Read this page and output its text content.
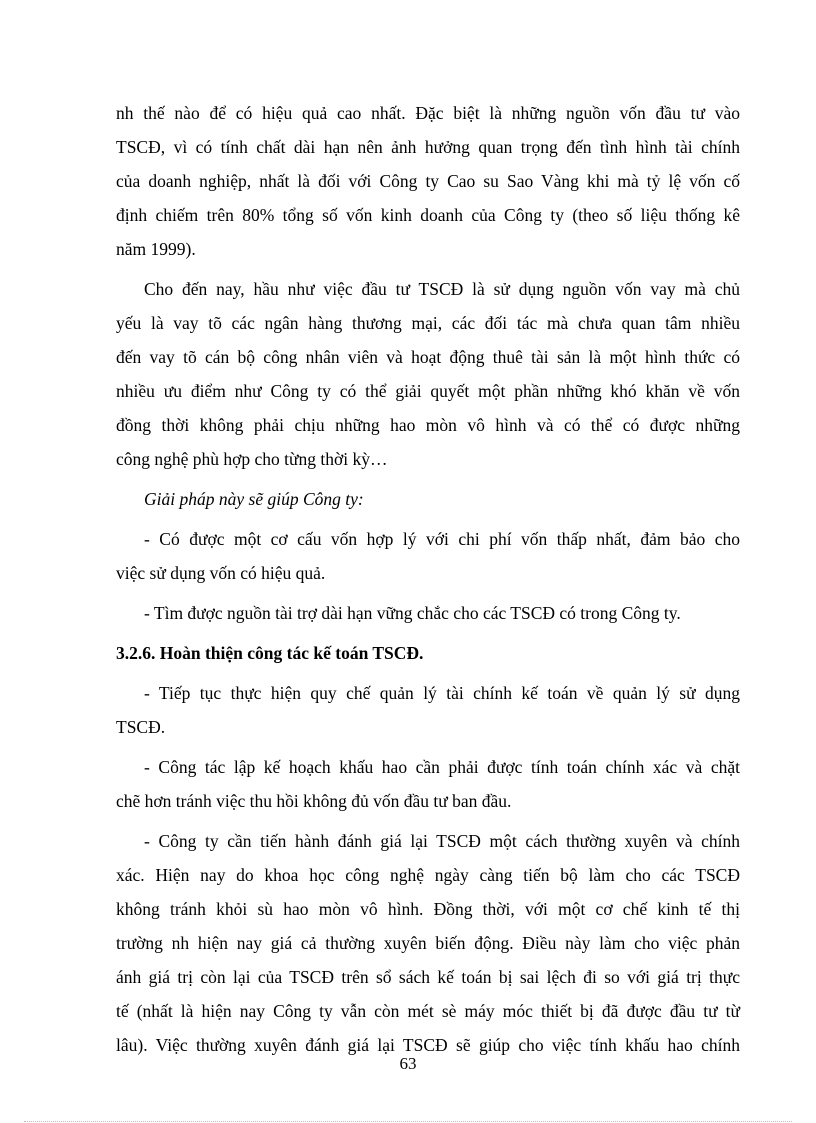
nh thế nào để có hiệu quả cao nhất. Đặc biệt là những nguồn vốn đầu tư vào
TSCĐ, vì có tính chất dài hạn nên ảnh hưởng quan trọng đến tình hình tài chính
của doanh nghiệp, nhất là đối với Công ty Cao su Sao Vàng khi mà tỷ lệ vốn cố
định chiếm trên 80% tổng số vốn kinh doanh của Công ty (theo số liệu thống kê
năm 1999).
Cho đến nay, hầu như việc đầu tư TSCĐ là sử dụng nguồn vốn vay mà chủ
yếu là vay tõ các ngân hàng thương mại, các đối tác mà chưa quan tâm nhiều
đến vay tõ cán bộ công nhân viên và hoạt động thuê tài sản là một hình thức có
nhiều ưu điểm như Công ty có thể giải quyết một phần những khó khăn về vốn
đồng thời không phải chịu những hao mòn vô hình và có thể có được những
công nghệ phù hợp cho từng thời kỳ…
Giải pháp này sẽ giúp Công ty:
- Có được một cơ cấu vốn hợp lý với chi phí vốn thấp nhất, đảm bảo cho
việc sử dụng vốn có hiệu quả.
- Tìm được nguồn tài trợ dài hạn vững chắc cho các TSCĐ có trong Công ty.
3.2.6. Hoàn thiện công tác kế toán TSCĐ.
- Tiếp tục thực hiện quy chế quản lý tài chính kế toán về quản lý sử dụng
TSCĐ.
- Công tác lập kế hoạch khấu hao cần phải được tính toán chính xác và chặt
chẽ hơn tránh việc thu hồi không đủ vốn đầu tư ban đầu.
- Công ty cần tiến hành đánh giá lại TSCĐ một cách thường xuyên và chính
xác. Hiện nay do khoa học công nghệ ngày càng tiến bộ làm cho các TSCĐ
không tránh khỏi sù hao mòn vô hình. Đồng thời, với một cơ chế kinh tế thị
trường nh hiện nay giá cả thường xuyên biến động. Điều này làm cho việc phản
ánh giá trị còn lại của TSCĐ trên sổ sách kế toán bị sai lệch đi so với giá trị thực
tế (nhất là hiện nay Công ty vẫn còn mét sè máy móc thiết bị đã được đầu tư từ
lâu). Việc thường xuyên đánh giá lại TSCĐ sẽ giúp cho việc tính khấu hao chính
63
